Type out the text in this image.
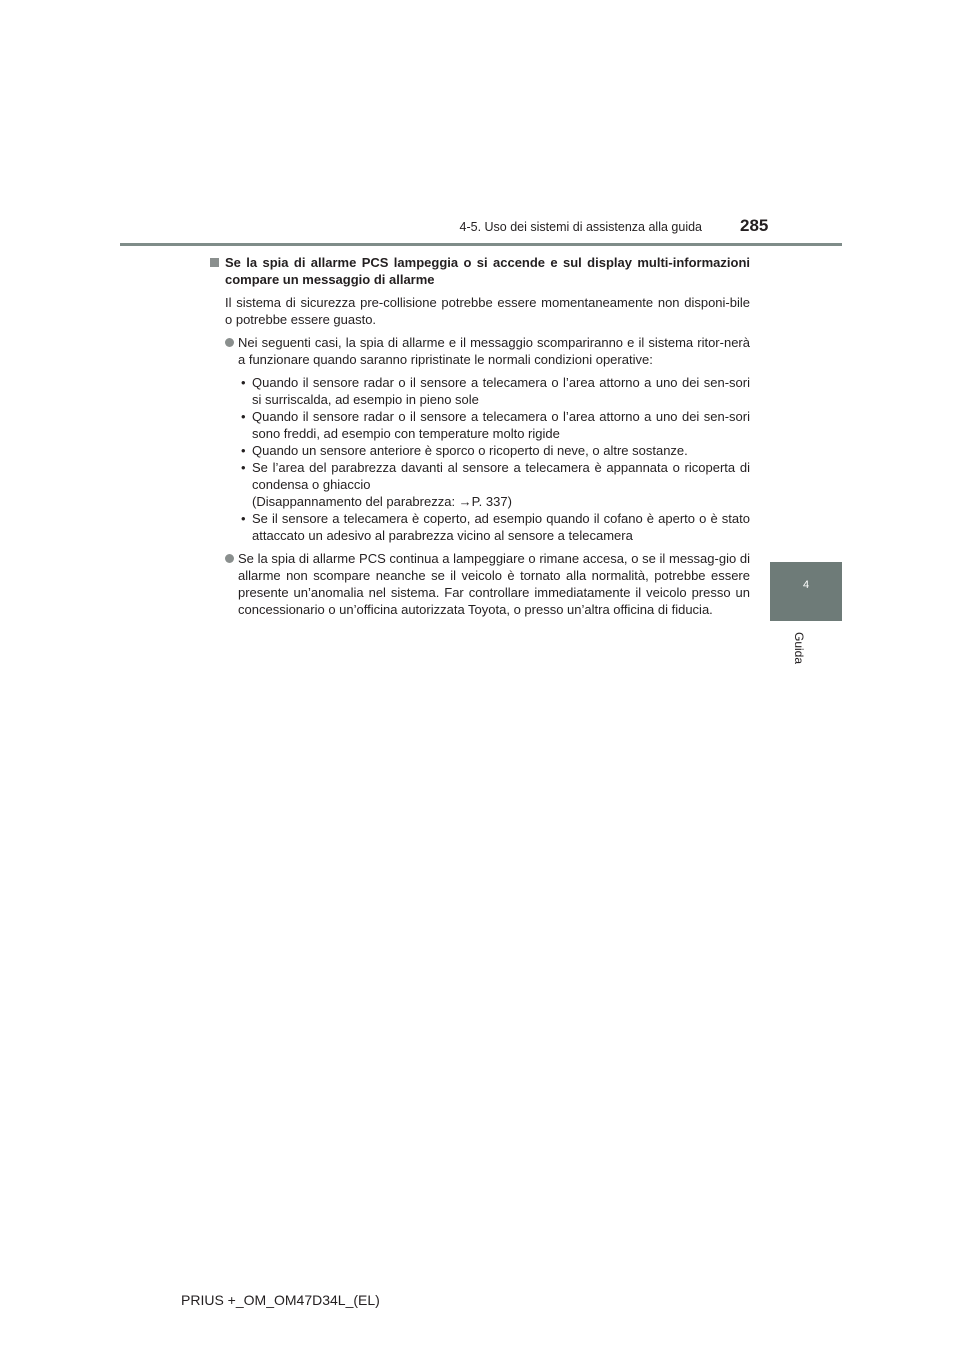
4-5. Uso dei sistemi di assistenza alla guida 285
4
Guida
Se la spia di allarme PCS lampeggia o si accende e sul display multi-informazioni compare un messaggio di allarme
Il sistema di sicurezza pre-collisione potrebbe essere momentaneamente non disponi-bile o potrebbe essere guasto.
Nei seguenti casi, la spia di allarme e il messaggio scompariranno e il sistema ritor-nerà a funzionare quando saranno ripristinate le normali condizioni operative:
• Quando il sensore radar o il sensore a telecamera o l’area attorno a uno dei sen-sori si surriscalda, ad esempio in pieno sole
• Quando il sensore radar o il sensore a telecamera o l’area attorno a uno dei sen-sori sono freddi, ad esempio con temperature molto rigide
• Quando un sensore anteriore è sporco o ricoperto di neve, o altre sostanze.
• Se l’area del parabrezza davanti al sensore a telecamera è appannata o ricoperta di condensa o ghiaccio
(Disappannamento del parabrezza: →P. 337)
• Se il sensore a telecamera è coperto, ad esempio quando il cofano è aperto o è stato attaccato un adesivo al parabrezza vicino al sensore a telecamera
Se la spia di allarme PCS continua a lampeggiare o rimane accesa, o se il messag-gio di allarme non scompare neanche se il veicolo è tornato alla normalità, potrebbe essere presente un’anomalia nel sistema. Far controllare immediatamente il veicolo presso un concessionario o un’officina autorizzata Toyota, o presso un’altra officina di fiducia.
PRIUS +_OM_OM47D34L_(EL)
